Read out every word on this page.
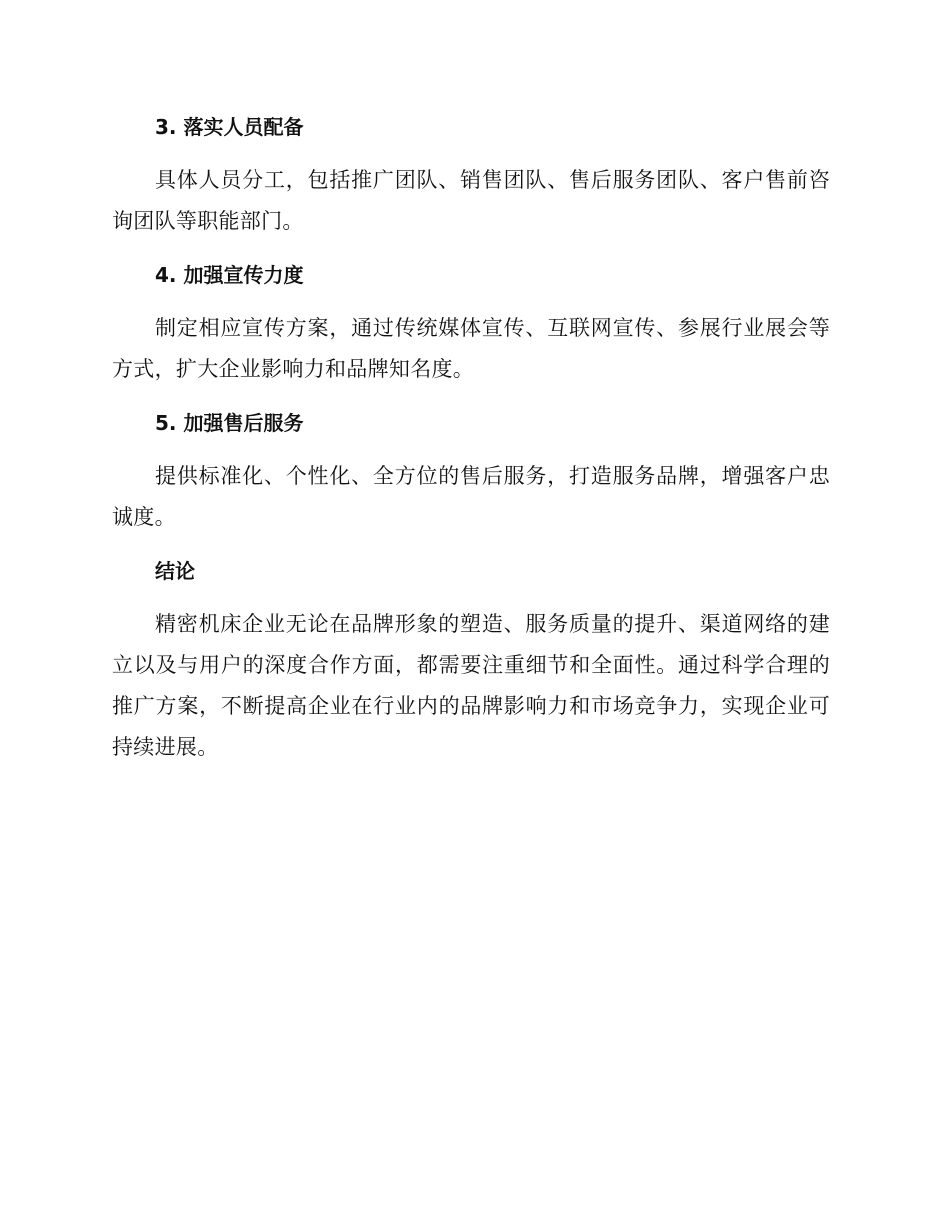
3. 落实人员配备

具体人员分工，包括推广团队、销售团队、售后服务团队、客户售前咨询团队等职能部门。

4. 加强宣传力度

制定相应宣传方案，通过传统媒体宣传、互联网宣传、参展行业展会等方式，扩大企业影响力和品牌知名度。

5. 加强售后服务

提供标准化、个性化、全方位的售后服务，打造服务品牌，增强客户忠诚度。

结论

精密机床企业无论在品牌形象的塑造、服务质量的提升、渠道网络的建立以及与用户的深度合作方面，都需要注重细节和全面性。通过科学合理的推广方案，不断提高企业在行业内的品牌影响力和市场竞争力，实现企业可持续进展。
